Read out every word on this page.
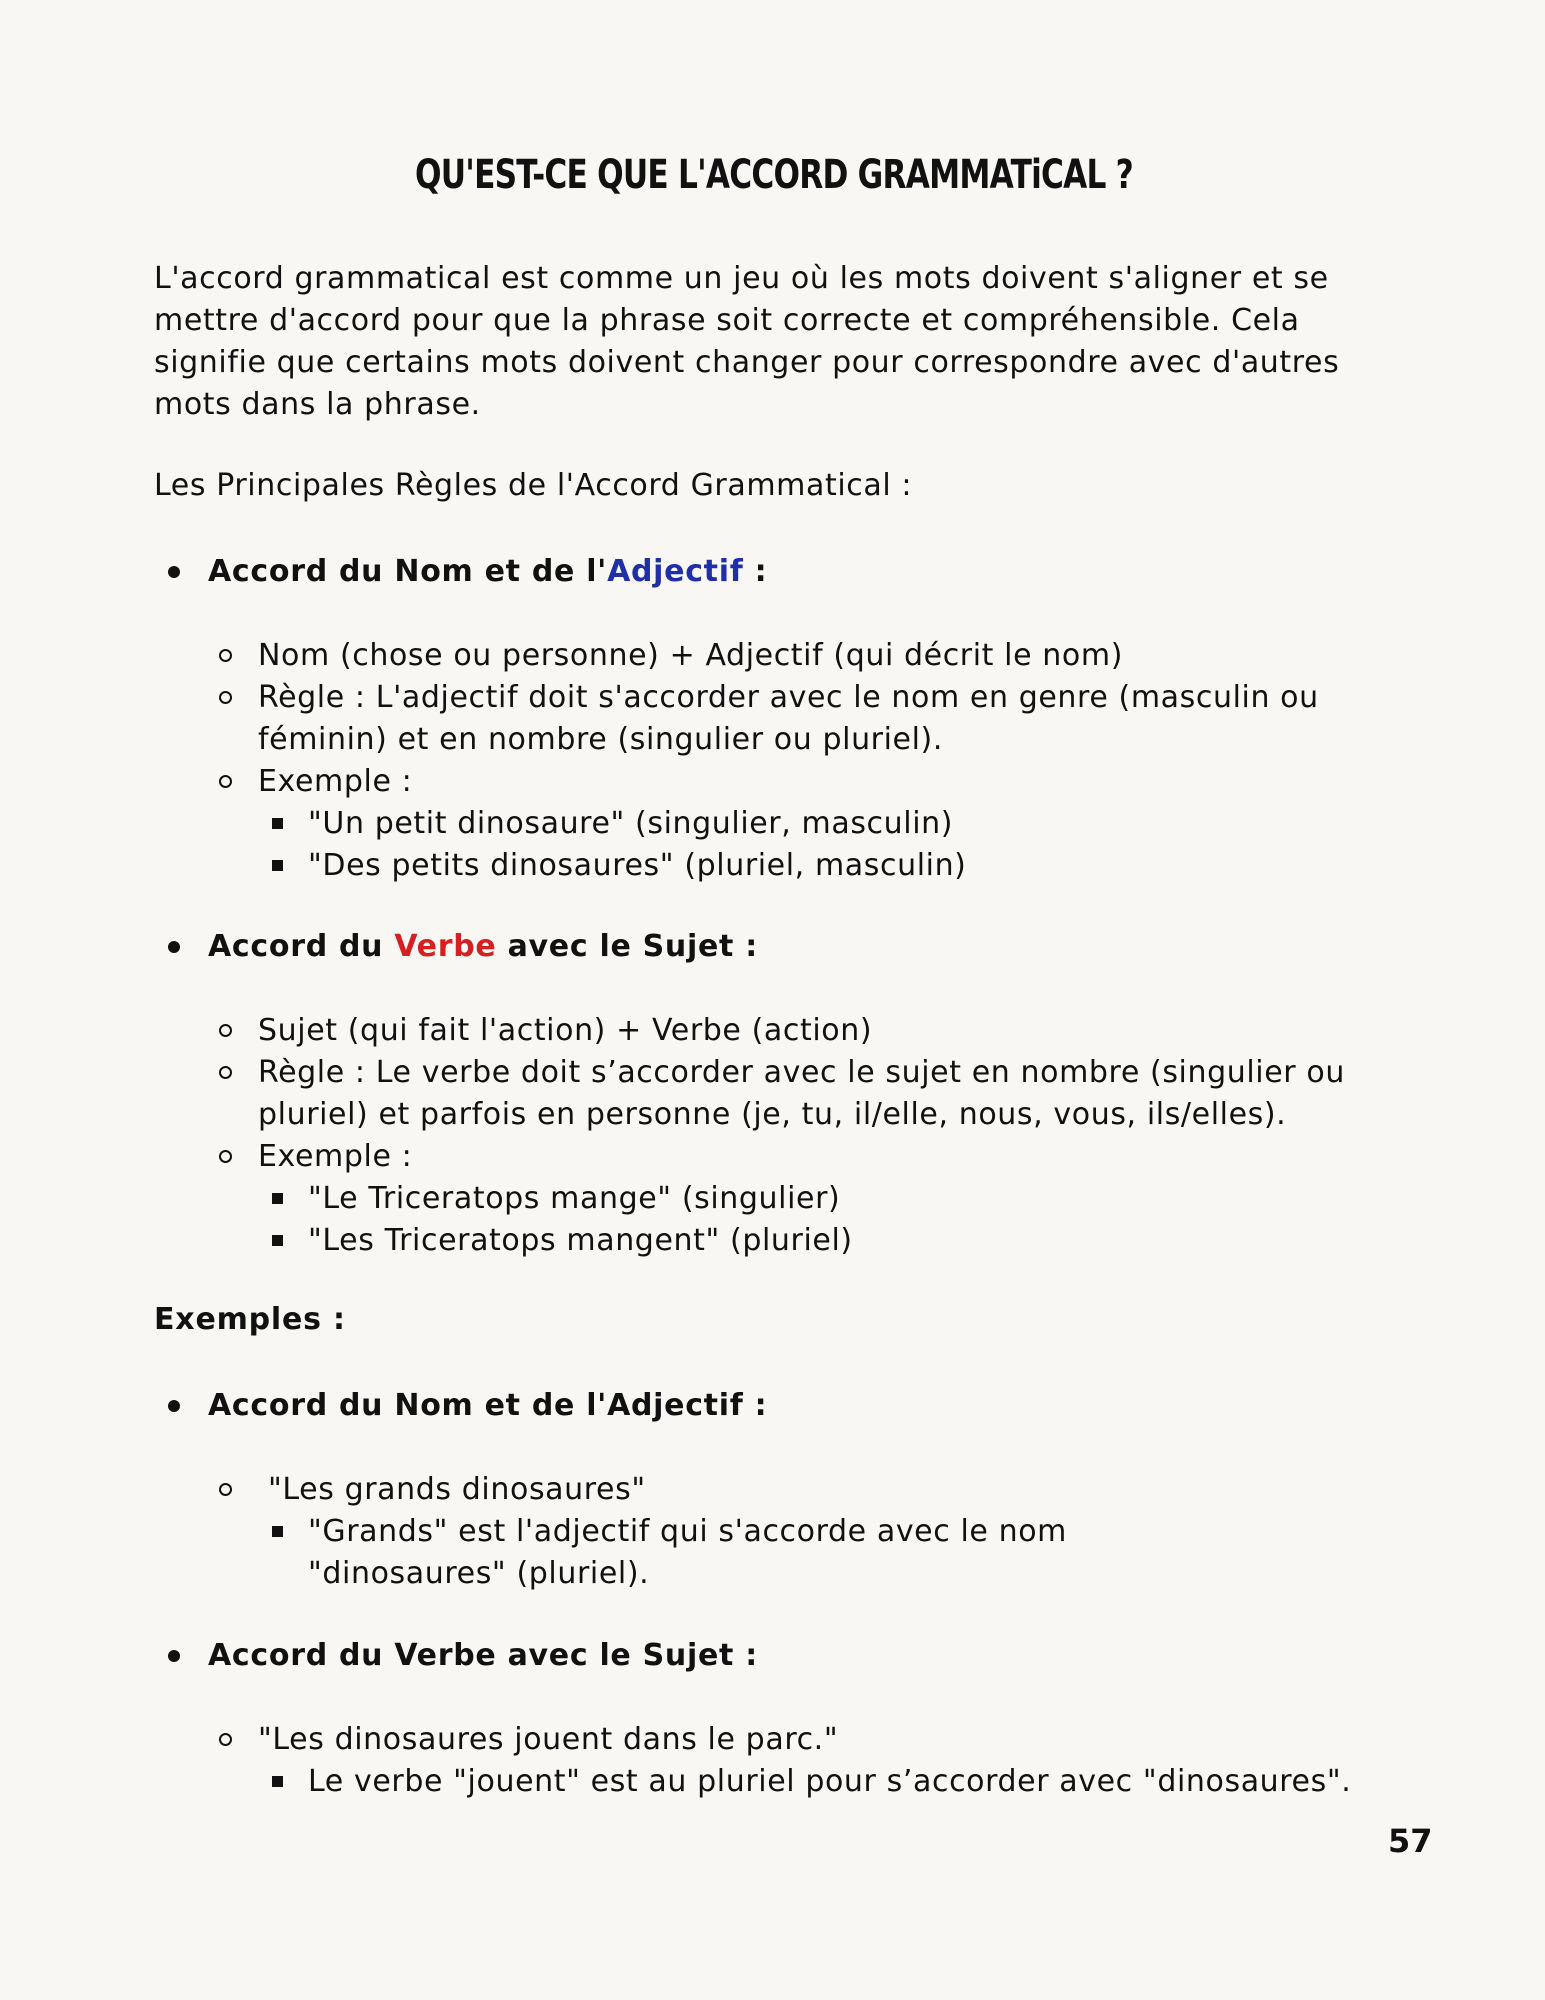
QU'EST-CE QUE L'ACCORD GRAMMATiCAL ?

L'accord grammatical est comme un jeu où les mots doivent s'aligner et se mettre d'accord pour que la phrase soit correcte et compréhensible. Cela signifie que certains mots doivent changer pour correspondre avec d'autres mots dans la phrase.

Les Principales Règles de l'Accord Grammatical :

Accord du Nom et de l'Adjectif :
Nom (chose ou personne) + Adjectif (qui décrit le nom)
Règle : L'adjectif doit s'accorder avec le nom en genre (masculin ou féminin) et en nombre (singulier ou pluriel).
Exemple :
"Un petit dinosaure" (singulier, masculin)
"Des petits dinosaures" (pluriel, masculin)
Accord du Verbe avec le Sujet :
Sujet (qui fait l'action) + Verbe (action)
Règle : Le verbe doit s’accorder avec le sujet en nombre (singulier ou pluriel) et parfois en personne (je, tu, il/elle, nous, vous, ils/elles).
Exemple :
"Le Triceratops mange" (singulier)
"Les Triceratops mangent" (pluriel)

Exemples :

Accord du Nom et de l'Adjectif :
"Les grands dinosaures"
"Grands" est l'adjectif qui s'accorde avec le nom "dinosaures" (pluriel).
Accord du Verbe avec le Sujet :
"Les dinosaures jouent dans le parc."
Le verbe "jouent" est au pluriel pour s’accorder avec "dinosaures".
57
